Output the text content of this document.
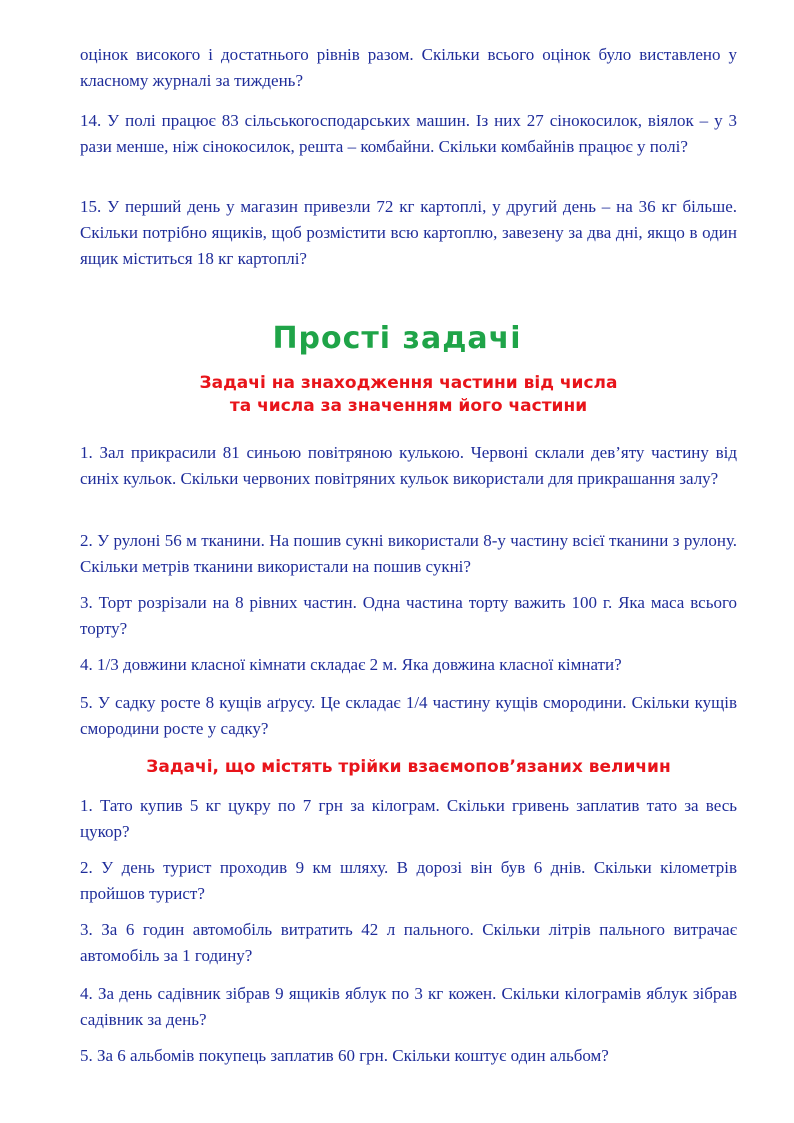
оцінок високого і достатнього рівнів разом. Скільки всього оцінок було виставлено у класному журналі за тиждень?

14. У полі працює 83 сільськогосподарських машин. Із них 27 сінокосилок, віялок – у 3 рази менше, ніж сінокосилок, решта – комбайни. Скільки комбайнів працює у полі?

15. У перший день у магазин привезли 72 кг картоплі, у другий день – на 36 кг більше. Скільки потрібно ящиків, щоб розмістити всю картоплю, завезену за два дні, якщо в один ящик міститься 18 кг картоплі?

Прості задачі
Задачі на знаходження частини від числа
та числа за значенням його частини

1. Зал прикрасили 81 синьою повітряною кулькою. Червоні склали дев’яту частину від синіх кульок. Скільки червоних повітряних кульок використали для прикрашання залу?

2. У рулоні 56 м тканини. На пошив сукні використали 8-у частину всієї тканини з рулону. Скільки метрів тканини використали на пошив сукні?

3. Торт розрізали на 8 рівних частин. Одна частина торту важить 100 г. Яка маса всього торту?

4. 1/3 довжини класної кімнати складає 2 м. Яка довжина класної кімнати?

5. У садку росте 8 кущів аґрусу. Це складає 1/4 частину кущів смородини. Скільки кущів смородини росте у садку?

Задачі, що містять трійки взаємопов’язаних величин

1. Тато купив 5 кг цукру по 7 грн за кілограм. Скільки гривень заплатив тато за весь цукор?

2. У день турист проходив 9 км шляху. В дорозі він був 6 днів. Скільки кілометрів пройшов турист?

3. За 6 годин автомобіль витратить 42 л пального. Скільки літрів пального витрачає автомобіль за 1 годину?

4. За день садівник зібрав 9 ящиків яблук по 3 кг кожен. Скільки кілограмів яблук зібрав садівник за день?

5. За 6 альбомів покупець заплатив 60 грн. Скільки коштує один альбом?
